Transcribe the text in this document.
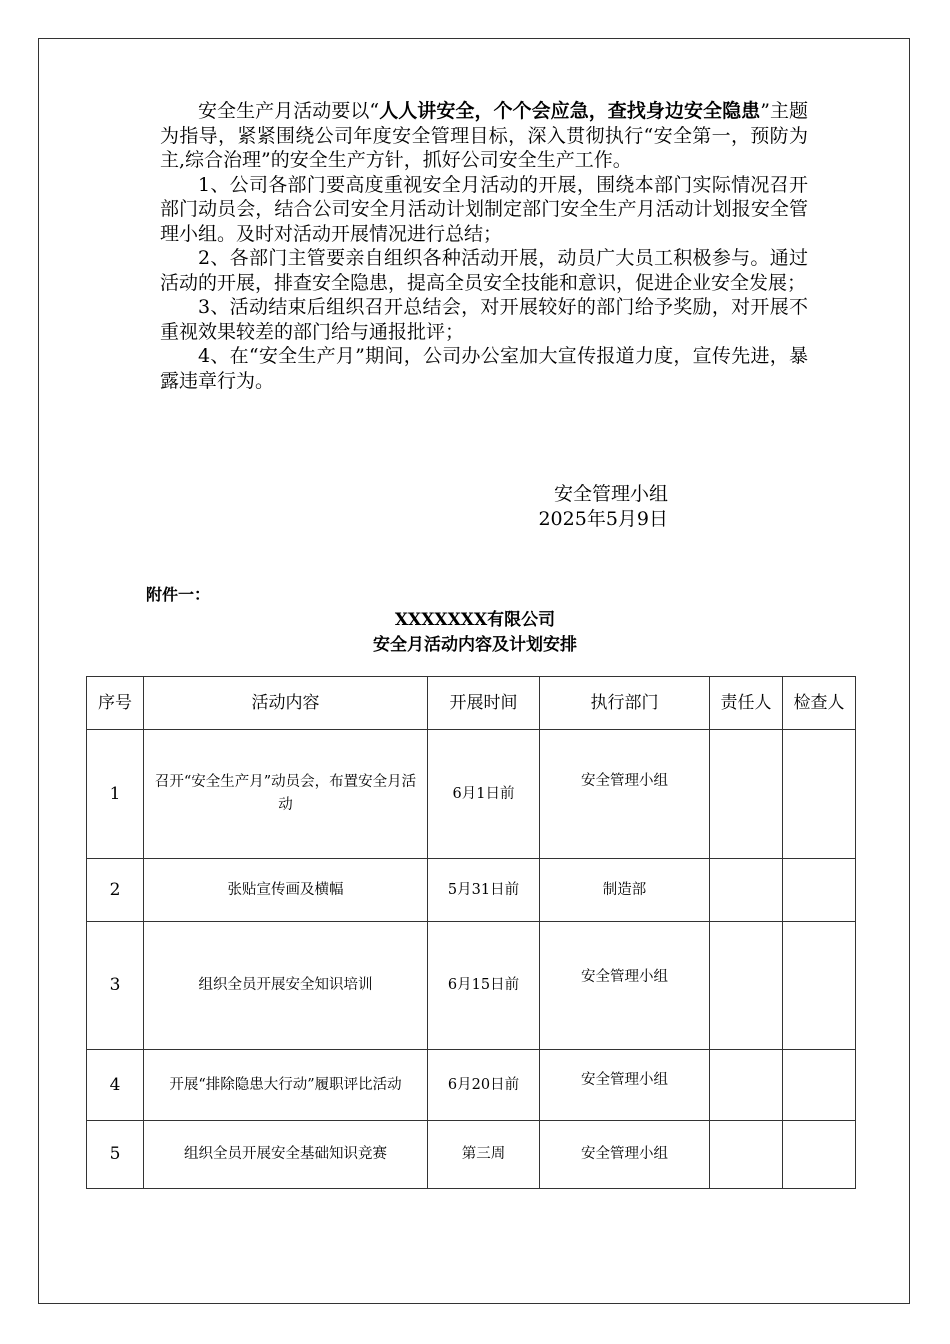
安全生产月活动要以“人人讲安全，个个会应急，查找身边安全隐患”主题为指导，紧紧围绕公司年度安全管理目标，深入贯彻执行“安全第一，预防为主,综合治理”的安全生产方针，抓好公司安全生产工作。

1、公司各部门要高度重视安全月活动的开展，围绕本部门实际情况召开部门动员会，结合公司安全月活动计划制定部门安全生产月活动计划报安全管理小组。及时对活动开展情况进行总结；

2、各部门主管要亲自组织各种活动开展，动员广大员工积极参与。通过活动的开展，排查安全隐患，提高全员安全技能和意识，促进企业安全发展；

3、活动结束后组织召开总结会，对开展较好的部门给予奖励，对开展不重视效果较差的部门给与通报批评；

4、在“安全生产月”期间，公司办公室加大宣传报道力度，宣传先进，暴露违章行为。

安全管理小组
2025年5月9日
附件一：
XXXXXXX有限公司
安全月活动内容及计划安排
序号	活动内容	开展时间	执行部门	责任人	检查人
1	召开“安全生产月”动员会，布置安全月活动	6月1日前	安全管理小组		
2	张贴宣传画及横幅	5月31日前	制造部		
3	组织全员开展安全知识培训	6月15日前	安全管理小组		
4	开展“排除隐患大行动”履职评比活动	6月20日前	安全管理小组		
5	组织全员开展安全基础知识竞赛	第三周	安全管理小组		
